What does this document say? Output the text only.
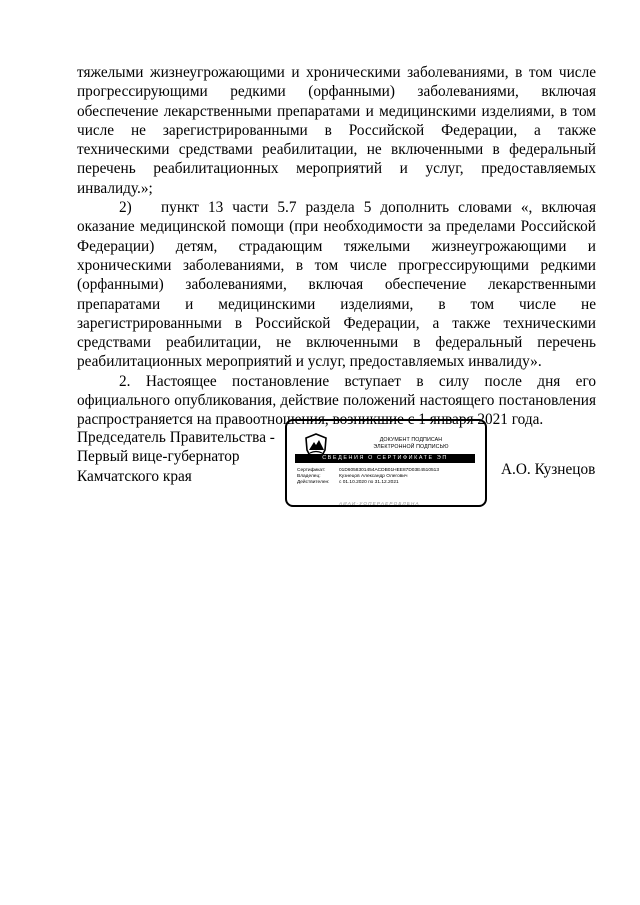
тяжелыми жизнеугрожающими и хроническими заболеваниями, в том числе прогрессирующими редкими (орфанными) заболеваниями, включая обеспечение лекарственными препаратами и медицинскими изделиями, в том числе не зарегистрированными в Российской Федерации, а также техническими средствами реабилитации, не включенными в федеральный перечень реабилитационных мероприятий и услуг, предоставляемых инвалиду.»;

2) пункт 13 части 5.7 раздела 5 дополнить словами «, включая оказание медицинской помощи (при необходимости за пределами Российской Федерации) детям, страдающим тяжелыми жизнеугрожающими и хроническими заболеваниями, в том числе прогрессирующими редкими (орфанными) заболеваниями, включая обеспечение лекарственными препаратами и медицинскими изделиями, в том числе не зарегистрированными в Российской Федерации, а также техническими средствами реабилитации, не включенными в федеральный перечень реабилитационных мероприятий и услуг, предоставляемых инвалиду».

2. Настоящее постановление вступает в силу после дня его официального опубликования, действие положений настоящего постановления распространяется на правоотношения, возникшие с 1 января 2021 года.

Председатель Правительства -
Первый вице-губернатор
Камчатского края	А.О. Кузнецов
ДОКУМЕНТ ПОДПИСАН
ЭЛЕКТРОННОЙ ПОДПИСЬЮ
СВЕДЕНИЯ О СЕРТИФИКАТЕ ЭП
Сертификат:	01D6058301454ACDB01HEE87D03E4510513
Владелец:	Кузнецов Александр Олегович
Действителен: с 01.10.2020 по 31.12.2021
АИАИ-УОПЕРАЕРОБЛБНА
